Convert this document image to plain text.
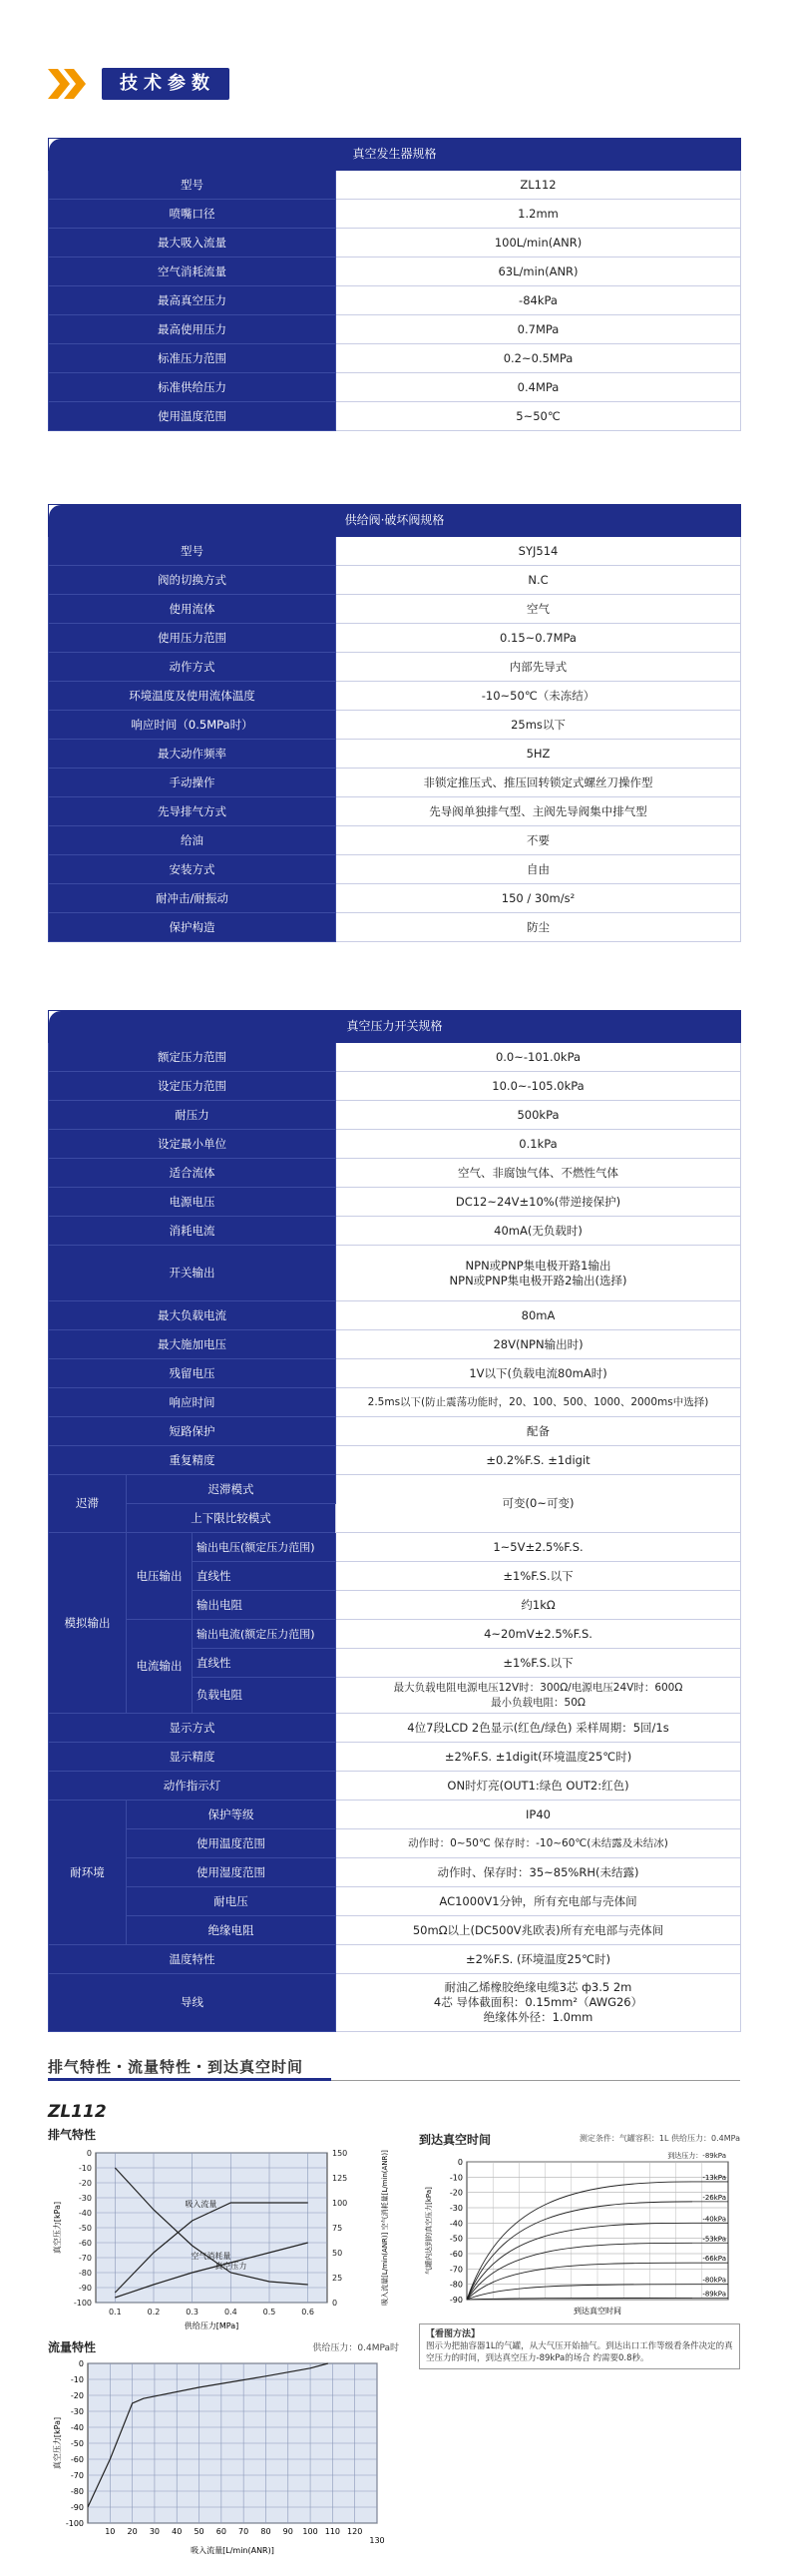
技术参数
真空发生器规格	
型号	ZL112
喷嘴口径	1.2mm
最大吸入流量	100L/min(ANR)
空气消耗流量	63L/min(ANR)
最高真空压力	-84kPa
最高使用压力	0.7MPa
标准压力范围	0.2~0.5MPa
标准供给压力	0.4MPa
使用温度范围	5~50℃
供给阀·破坏阀规格	
型号	SYJ514
阀的切换方式	N.C
使用流体	空气
使用压力范围	0.15~0.7MPa
动作方式	内部先导式
环境温度及使用流体温度	-10~50℃（未冻结）
响应时间（0.5MPa时）	25ms以下
最大动作频率	5HZ
手动操作	非锁定推压式、推压回转锁定式螺丝刀操作型
先导排气方式	先导阀单独排气型、主阀先导阀集中排气型
给油	不要
安装方式	自由
耐冲击/耐振动	150 / 30m/s²
保护构造	防尘
真空压力开关规格			
额定压力范围			0.0~-101.0kPa
设定压力范围			10.0~-105.0kPa
耐压力			500kPa
设定最小单位			0.1kPa
适合流体			空气、非腐蚀气体、不燃性气体
电源电压			DC12~24V±10%(带逆接保护)
消耗电流			40mA(无负载时)
开关输出			NPN或PNP集电极开路1输出
NPN或PNP集电极开路2输出(选择)

最大负载电流			80mA
最大施加电压			28V(NPN输出时)
残留电压			1V以下(负载电流80mA时)
响应时间			2.5ms以下(防止震荡功能时，20、100、500、1000、2000ms中选择)
短路保护			配备
重复精度			±0.2%F.S. ±1digit
迟滞	迟滞模式		可变(0~可变)
	上下限比较模式		
模拟输出	电压输出	输出电压(额定压力范围)	1~5V±2.5%F.S.
		直线性	±1%F.S.以下
		输出电阻	约1kΩ
	电流输出	输出电流(额定压力范围)	4~20mV±2.5%F.S.
		直线性	±1%F.S.以下
		负载电阻	最大负载电阻电源电压12V时：300Ω/电源电压24V时：600Ω
最小负载电阻：50Ω

显示方式			4位7段LCD 2色显示(红色/绿色) 采样周期：5回/1s
显示精度			±2%F.S. ±1digit(环境温度25℃时)
动作指示灯			ON时灯亮(OUT1:绿色 OUT2:红色)
耐环境	保护等级		IP40
	使用温度范围		动作时：0~50℃ 保存时：-10~60℃(未结露及未结冰)
	使用湿度范围		动作时、保存时：35~85%RH(未结露)
	耐电压		AC1000V1分钟，所有充电部与壳体间
	绝缘电阻		50mΩ以上(DC500V兆欧表)所有充电部与壳体间
温度特性			±2%F.S. (环境温度25℃时)
导线			耐油乙烯橡胶绝缘电缆3芯 ф3.5 2m
4芯 导体截面积：0.15mm²（AWG26）
绝缘体外径：1.0mm
排气特性・流量特性・到达真空时间
ZL112
排气特性
-100
-90
-80
-70
-60
-50
-40
-30
-20
-10
0
0.1	0.2	0.3	0.4	0.5	0.6
150
125
100
75
50
25
0
供给压力[MPa]
真空压力[kPa]	吸入流量[L/min(ANR)] 空气消耗量[L/min(ANR)]
真空压力
吸入流量
空气消耗量
到达真空时间	测定条件：气罐容积：1L 供给压力：0.4MPa
到达压力：-89kPa
-90
-80
-70
-60
-50
-40
-30
-20
-10
0
-89kPa
-80kPa
-66kPa
-53kPa
-40kPa
-26kPa
-13kPa
到达真空时间
气罐内达到的真空压力[kPa]
【看图方法】
图示为把抽容器1L的气罐，从大气压开始抽气。到达出口工作等级看条件决定的真空压力的时间，到达真空压力-89kPa的场合 约需要0.8秒。
流量特性	供给压力：0.4MPa时
-100
-90
-80
-70
-60
-50
-40
-30
-20
-10
0
10 20 30 40 50 60 70 80 90 100 110 120
130
吸入流量[L/min(ANR)]
真空压力[kPa]
